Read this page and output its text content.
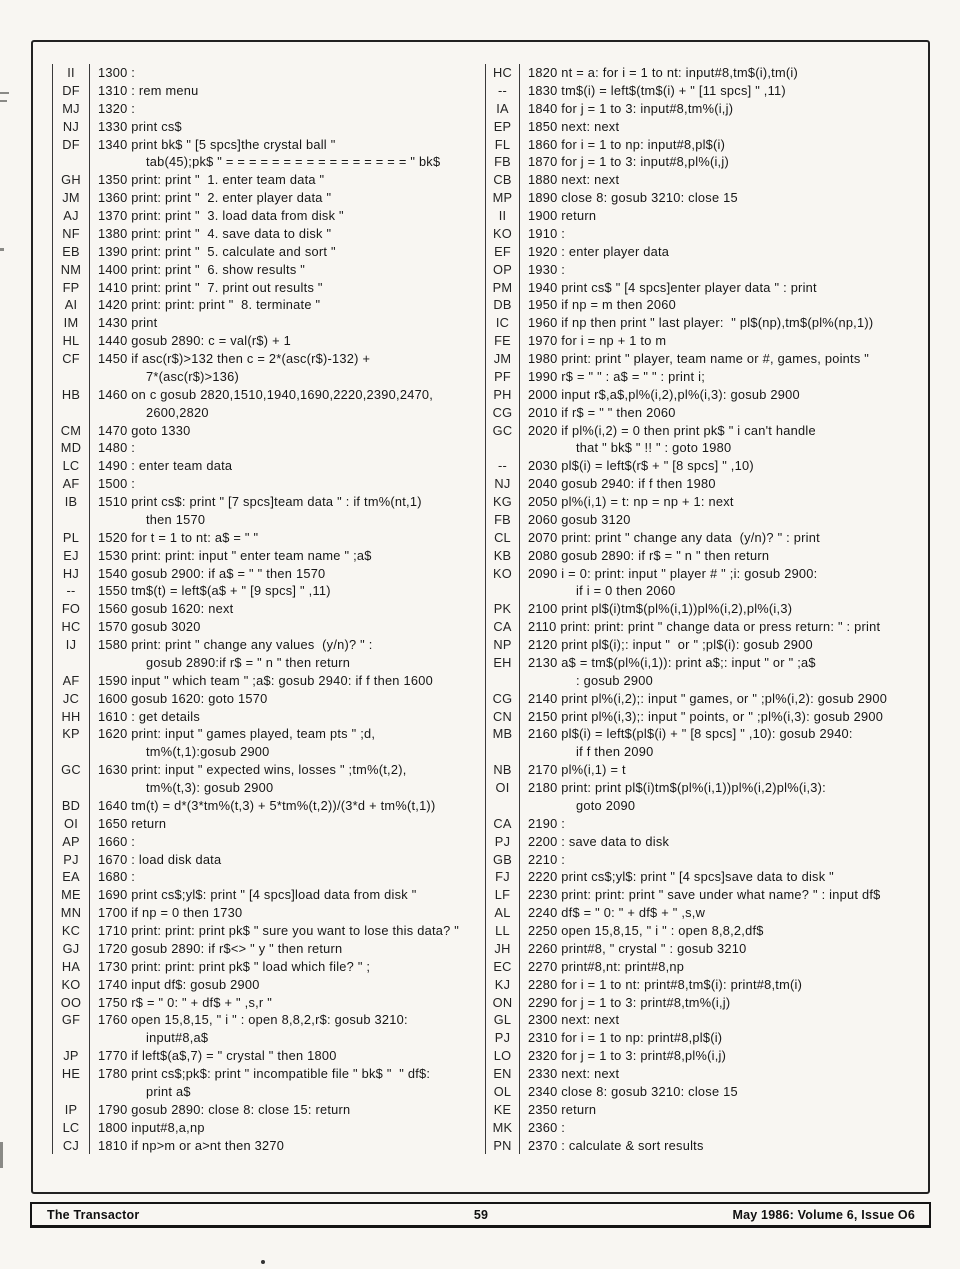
II	1300 :
DF	1310 : rem menu
MJ	1320 :
NJ	1330 print cs$
DF	1340 print bk$ " [5 spcs]the crystal ball "
tab(45);pk$ " = = = = = = = = = = = = = = = = " bk$
GH	1350 print: print "  1. enter team data "
JM	1360 print: print "  2. enter player data "
AJ	1370 print: print "  3. load data from disk "
NF	1380 print: print "  4. save data to disk "
EB	1390 print: print "  5. calculate and sort "
NM	1400 print: print "  6. show results "
FP	1410 print: print "  7. print out results "
AI	1420 print: print: print "  8. terminate "
IM	1430 print
HL	1440 gosub 2890: c = val(r$) + 1
CF	1450 if asc(r$)>132 then c = 2*(asc(r$)-132) +
7*(asc(r$)>136)
HB	1460 on c gosub 2820,1510,1940,1690,2220,2390,2470,
2600,2820
CM	1470 goto 1330
MD	1480 :
LC	1490 : enter team data
AF	1500 :
IB	1510 print cs$: print " [7 spcs]team data " : if tm%(nt,1)
then 1570
PL	1520 for t = 1 to nt: a$ = " "
EJ	1530 print: print: input " enter team name " ;a$
HJ	1540 gosub 2900: if a$ = " " then 1570
--	1550 tm$(t) = left$(a$ + " [9 spcs] " ,11)
FO	1560 gosub 1620: next
HC	1570 gosub 3020
IJ	1580 print: print " change any values  (y/n)? " :
gosub 2890:if r$ = " n " then return
AF	1590 input " which team " ;a$: gosub 2940: if f then 1600
JC	1600 gosub 1620: goto 1570
HH	1610 : get details
KP	1620 print: input " games played, team pts " ;d,
tm%(t,1):gosub 2900
GC	1630 print: input " expected wins, losses " ;tm%(t,2),
tm%(t,3): gosub 2900
BD	1640 tm(t) = d*(3*tm%(t,3) + 5*tm%(t,2))/(3*d + tm%(t,1))
OI	1650 return
AP	1660 :
PJ	1670 : load disk data
EA	1680 :
ME	1690 print cs$;yl$: print " [4 spcs]load data from disk "
MN	1700 if np = 0 then 1730
KC	1710 print: print: print pk$ " sure you want to lose this data? "
GJ	1720 gosub 2890: if r$<> " y " then return
HA	1730 print: print: print pk$ " load which file? " ;
KO	1740 input df$: gosub 2900
OO	1750 r$ = " 0: " + df$ + " ,s,r "
GF	1760 open 15,8,15, " i " : open 8,8,2,r$: gosub 3210:
input#8,a$
JP	1770 if left$(a$,7) = " crystal " then 1800
HE	1780 print cs$;pk$: print " incompatible file " bk$ "  " df$:
print a$
IP	1790 gosub 2890: close 8: close 15: return
LC	1800 input#8,a,np
CJ	1810 if np>m or a>nt then 3270
HC	1820 nt = a: for i = 1 to nt: input#8,tm$(i),tm(i)
--	1830 tm$(i) = left$(tm$(i) + " [11 spcs] " ,11)
IA	1840 for j = 1 to 3: input#8,tm%(i,j)
EP	1850 next: next
FL	1860 for i = 1 to np: input#8,pl$(i)
FB	1870 for j = 1 to 3: input#8,pl%(i,j)
CB	1880 next: next
MP	1890 close 8: gosub 3210: close 15
II	1900 return
KO	1910 :
EF	1920 : enter player data
OP	1930 :
PM	1940 print cs$ " [4 spcs]enter player data " : print
DB	1950 if np = m then 2060
IC	1960 if np then print " last player:  " pl$(np),tm$(pl%(np,1))
FE	1970 for i = np + 1 to m
JM	1980 print: print " player, team name or #, games, points "
PF	1990 r$ = " " : a$ = " " : print i;
PH	2000 input r$,a$,pl%(i,2),pl%(i,3): gosub 2900
CG	2010 if r$ = " " then 2060
GC	2020 if pl%(i,2) = 0 then print pk$ " i can't handle
that " bk$ " !! " : goto 1980
--	2030 pl$(i) = left$(r$ + " [8 spcs] " ,10)
NJ	2040 gosub 2940: if f then 1980
KG	2050 pl%(i,1) = t: np = np + 1: next
FB	2060 gosub 3120
CL	2070 print: print " change any data  (y/n)? " : print
KB	2080 gosub 2890: if r$ = " n " then return
KO	2090 i = 0: print: input " player # " ;i: gosub 2900:
if i = 0 then 2060
PK	2100 print pl$(i)tm$(pl%(i,1))pl%(i,2),pl%(i,3)
CA	2110 print: print: print " change data or press return: " : print
NP	2120 print pl$(i);: input "  or " ;pl$(i): gosub 2900
EH	2130 a$ = tm$(pl%(i,1)): print a$;: input " or " ;a$
: gosub 2900
CG	2140 print pl%(i,2);: input " games, or " ;pl%(i,2): gosub 2900
CN	2150 print pl%(i,3);: input " points, or " ;pl%(i,3): gosub 2900
MB	2160 pl$(i) = left$(pl$(i) + " [8 spcs] " ,10): gosub 2940:
if f then 2090
NB	2170 pl%(i,1) = t
OI	2180 print: print pl$(i)tm$(pl%(i,1))pl%(i,2)pl%(i,3):
goto 2090
CA	2190 :
PJ	2200 : save data to disk
GB	2210 :
FJ	2220 print cs$;yl$: print " [4 spcs]save data to disk "
LF	2230 print: print: print " save under what name? " : input df$
AL	2240 df$ = " 0: " + df$ + " ,s,w
LL	2250 open 15,8,15, " i " : open 8,8,2,df$
JH	2260 print#8, " crystal " : gosub 3210
EC	2270 print#8,nt: print#8,np
KJ	2280 for i = 1 to nt: print#8,tm$(i): print#8,tm(i)
ON	2290 for j = 1 to 3: print#8,tm%(i,j)
GL	2300 next: next
PJ	2310 for i = 1 to np: print#8,pl$(i)
LO	2320 for j = 1 to 3: print#8,pl%(i,j)
EN	2330 next: next
OL	2340 close 8: gosub 3210: close 15
KE	2350 return
MK	2360 :
PN	2370 : calculate & sort results
The Transactor	59	May 1986: Volume 6, Issue O6
